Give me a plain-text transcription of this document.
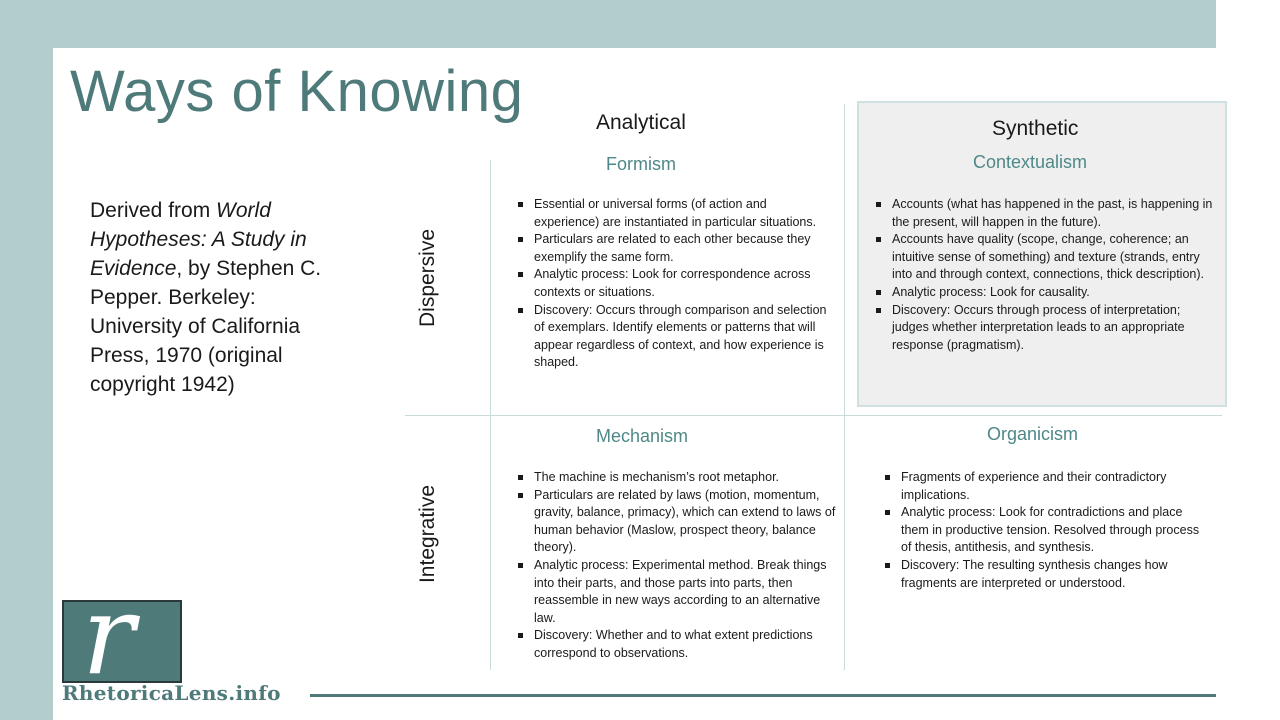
Ways of Knowing
Derived from World Hypotheses: A Study in Evidence, by Stephen C. Pepper. Berkeley: University of California Press, 1970 (original copyright 1942)
Analytical	Synthetic
Dispersive
Integrative
Formism
Essential or universal forms (of action and experience) are instantiated in particular situations.
Particulars are related to each other because they exemplify the same form.
Analytic process: Look for correspondence across contexts or situations.
Discovery: Occurs through comparison and selection of exemplars. Identify elements or patterns that will appear regardless of context, and how experience is shaped.
Contextualism
Accounts (what has happened in the past, is happening in the present, will happen in the future).
Accounts have quality (scope, change, coherence; an intuitive sense of something) and texture (strands, entry into and through context, connections, thick description).
Analytic process: Look for causality.
Discovery: Occurs through process of interpretation; judges whether interpretation leads to an appropriate response (pragmatism).
Mechanism
The machine is mechanism’s root metaphor.
Particulars are related by laws (motion, momentum, gravity, balance, primacy), which can extend to laws of human behavior (Maslow, prospect theory, balance theory).
Analytic process: Experimental method. Break things into their parts, and those parts into parts, then reassemble in new ways according to an alternative law.
Discovery: Whether and to what extent predictions correspond to observations.
Organicism
Fragments of experience and their contradictory implications.
Analytic process: Look for contradictions and place them in productive tension. Resolved through process of thesis, antithesis, and synthesis.
Discovery: The resulting synthesis changes how fragments are interpreted or understood.
r
RhetoricaLens.info
